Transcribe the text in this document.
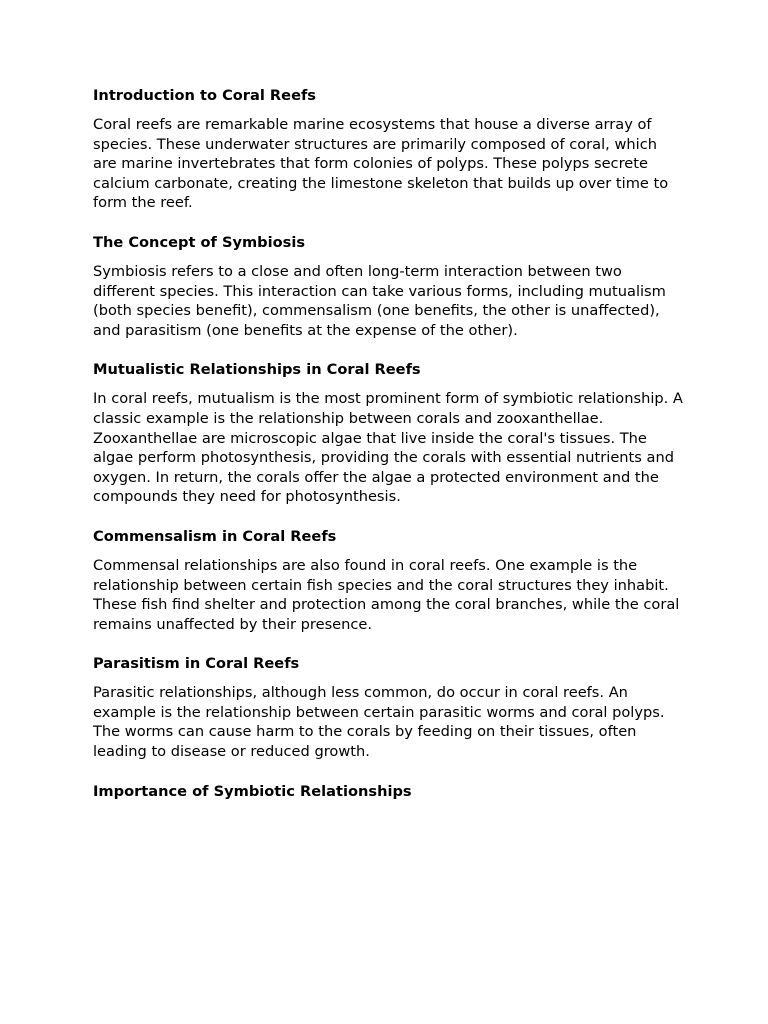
Introduction to Coral Reefs

Coral reefs are remarkable marine ecosystems that house a diverse array of species. These underwater structures are primarily composed of coral, which are marine invertebrates that form colonies of polyps. These polyps secrete calcium carbonate, creating the limestone skeleton that builds up over time to form the reef.

The Concept of Symbiosis

Symbiosis refers to a close and often long-term interaction between two different species. This interaction can take various forms, including mutualism (both species benefit), commensalism (one benefits, the other is unaffected), and parasitism (one benefits at the expense of the other).

Mutualistic Relationships in Coral Reefs

In coral reefs, mutualism is the most prominent form of symbiotic relationship. A classic example is the relationship between corals and zooxanthellae. Zooxanthellae are microscopic algae that live inside the coral's tissues. The algae perform photosynthesis, providing the corals with essential nutrients and oxygen. In return, the corals offer the algae a protected environment and the compounds they need for photosynthesis.

Commensalism in Coral Reefs

Commensal relationships are also found in coral reefs. One example is the relationship between certain fish species and the coral structures they inhabit. These fish find shelter and protection among the coral branches, while the coral remains unaffected by their presence.

Parasitism in Coral Reefs

Parasitic relationships, although less common, do occur in coral reefs. An example is the relationship between certain parasitic worms and coral polyps. The worms can cause harm to the corals by feeding on their tissues, often leading to disease or reduced growth.

Importance of Symbiotic Relationships
